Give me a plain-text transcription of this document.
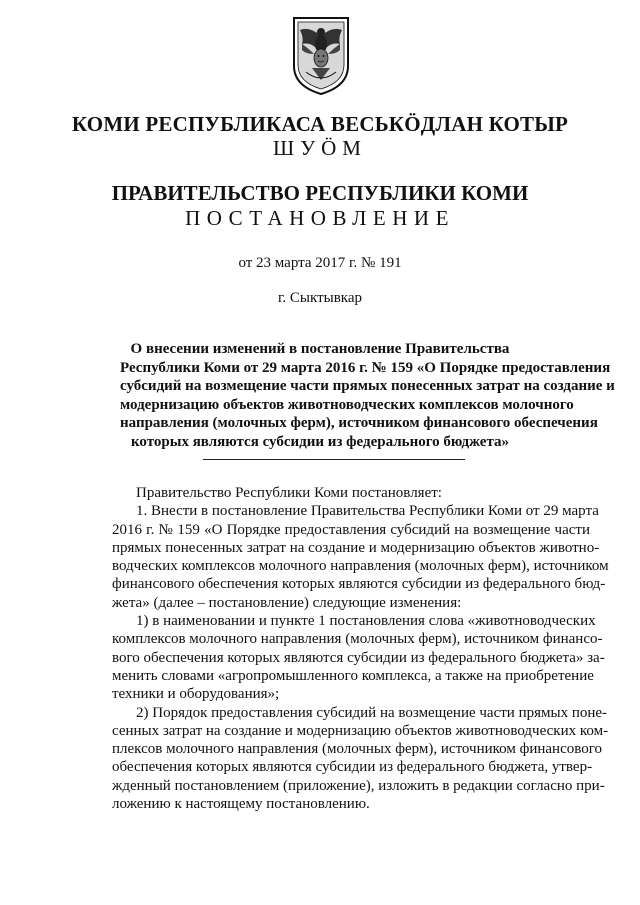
КОМИ РЕСПУБЛИКАСА ВЕСЬКӦДЛАН КОТЫР
ШУӦМ
ПРАВИТЕЛЬСТВО РЕСПУБЛИКИ КОМИ
ПОСТАНОВЛЕНИЕ
от 23 марта 2017 г. № 191
г. Сыктывкар
О внесении изменений в постановление Правительства
Республики Коми от 29 марта 2016 г. № 159 «О Порядке предоставления
субсидий на возмещение части прямых понесенных затрат на создание и
модернизацию объектов животноводческих комплексов молочного
направления (молочных ферм), источником финансового обеспечения
которых являются субсидии из федерального бюджета»
Правительство Республики Коми постановляет:
1. Внести в постановление Правительства Республики Коми от 29 марта
2016 г. № 159 «О Порядке предоставления субсидий на возмещение части
прямых понесенных затрат на создание и модернизацию объектов животно-
водческих комплексов молочного направления (молочных ферм), источником
финансового обеспечения которых являются субсидии из федерального бюд-
жета» (далее – постановление) следующие изменения:
1) в наименовании и пункте 1 постановления слова «животноводческих
комплексов молочного направления (молочных ферм), источником финансо-
вого обеспечения которых являются субсидии из федерального бюджета» за-
менить словами «агропромышленного комплекса, а также на приобретение
техники и оборудования»;
2) Порядок предоставления субсидий на возмещение части прямых поне-
сенных затрат на создание и модернизацию объектов животноводческих ком-
плексов молочного направления (молочных ферм), источником финансового
обеспечения которых являются субсидии из федерального бюджета, утвер-
жденный постановлением (приложение), изложить в редакции согласно при-
ложению к настоящему постановлению.
